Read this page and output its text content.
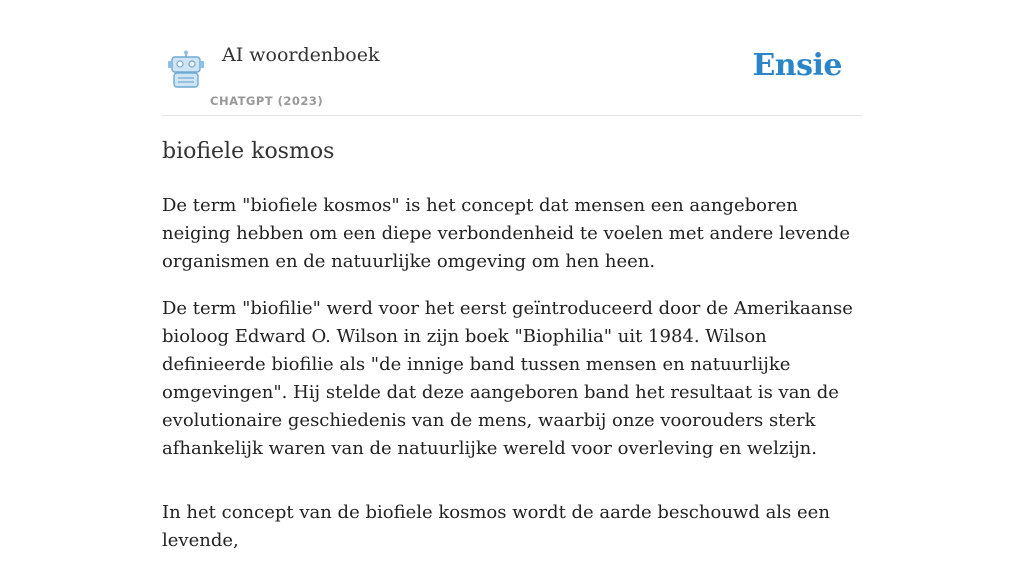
AI woordenboek
CHATGPT (2023)
Ensie
biofiele kosmos

De term "biofiele kosmos" is het concept dat mensen een aangeboren neiging hebben om een diepe verbondenheid te voelen met andere levende organismen en de natuurlijke omgeving om hen heen.

De term "biofilie" werd voor het eerst geïntroduceerd door de Amerikaanse bioloog Edward O. Wilson in zijn boek "Biophilia" uit 1984. Wilson definieerde biofilie als "de innige band tussen mensen en natuurlijke omgevingen". Hij stelde dat deze aangeboren band het resultaat is van de evolutionaire geschiedenis van de mens, waarbij onze voorouders sterk afhankelijk waren van de natuurlijke wereld voor overleving en welzijn.

In het concept van de biofiele kosmos wordt de aarde beschouwd als een levende,
